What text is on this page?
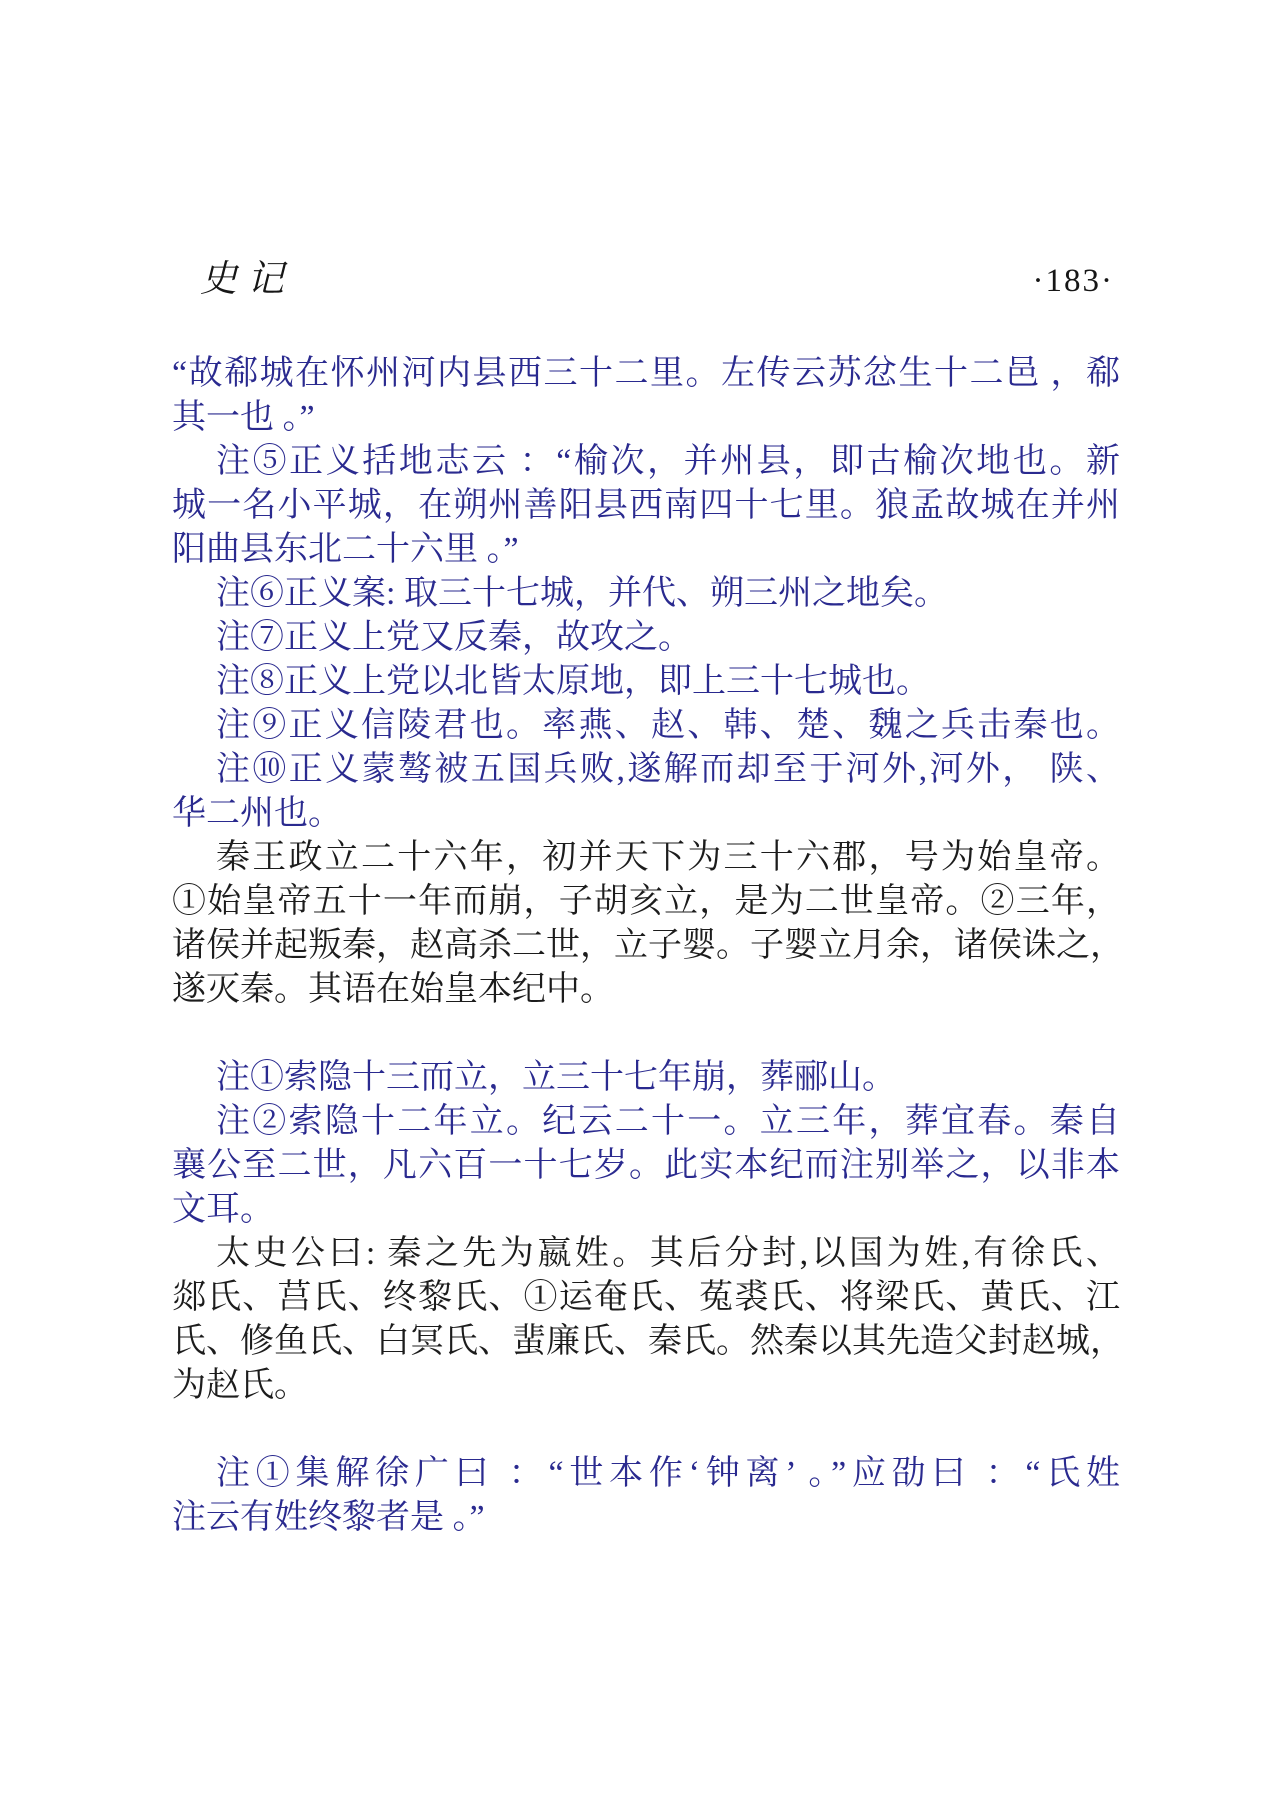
史记	·183·
“故郗城在怀州河内县西三十二里。左传云苏忿生十二邑 ，郗
其一也 。”
注⑤正义括地志云 ：“榆次，并州县，即古榆次地也。新
城一名小平城，在朔州善阳县西南四十七里。狼孟故城在并州
阳曲县东北二十六里 。”
注⑥正义案: 取三十七城，并代、朔三州之地矣。
注⑦正义上党又反秦，故攻之。
注⑧正义上党以北皆太原地，即上三十七城也。
注⑨正义信陵君也。率燕、赵、韩、楚、魏之兵击秦也。
注⑩正义蒙骜被五国兵败,遂解而却至于河外,河外， 陕、
华二州也。
秦王政立二十六年，初并天下为三十六郡，号为始皇帝。
①始皇帝五十一年而崩，子胡亥立，是为二世皇帝。②三年，
诸侯并起叛秦，赵高杀二世，立子婴。子婴立月余，诸侯诛之，
遂灭秦。其语在始皇本纪中。
注①索隐十三而立，立三十七年崩，葬郦山。
注②索隐十二年立。纪云二十一。立三年，葬宜春。秦自
襄公至二世，凡六百一十七岁。此实本纪而注别举之，以非本
文耳。
太史公曰: 秦之先为嬴姓。其后分封,以国为姓,有徐氏、
郯氏、莒氏、终黎氏、①运奄氏、菟裘氏、将梁氏、黄氏、江
氏、修鱼氏、白冥氏、蜚廉氏、秦氏。然秦以其先造父封赵城，
为赵氏。
注①集解徐广曰 ：“世本作‘钟离’ 。”应劭曰 ：“氏姓
注云有姓终黎者是 。”
